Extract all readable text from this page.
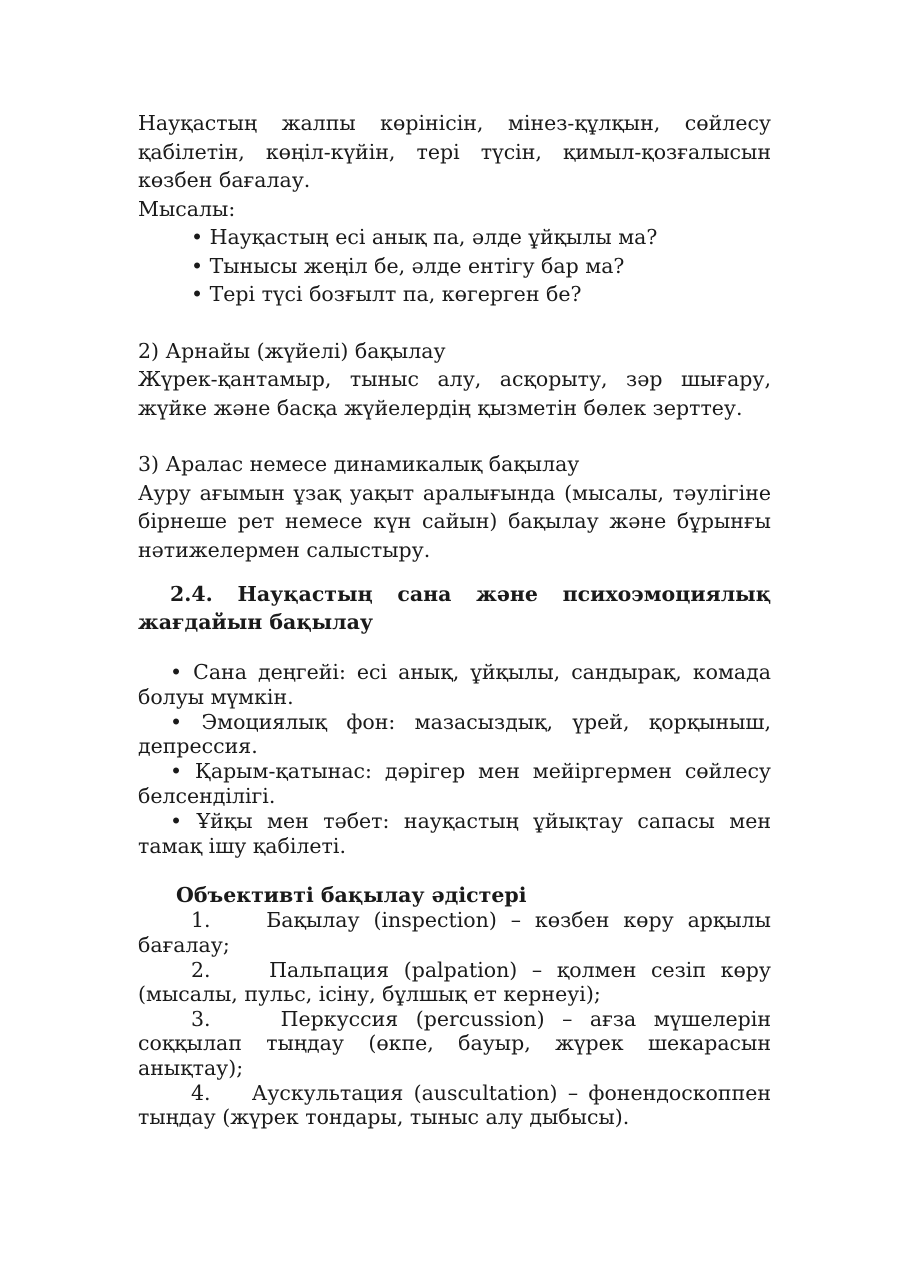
Науқастың жалпы көрінісін, мінез-құлқын, сөйлесу қабілетін, көңіл-күйін, тері түсін, қимыл-қозғалысын көзбен бағалау.

Мысалы:

• Науқастың есі анық па, әлде ұйқылы ма?

• Тынысы жеңіл бе, әлде ентігу бар ма?

• Тері түсі бозғылт па, көгерген бе?

2) Арнайы (жүйелі) бақылау

Жүрек-қантамыр, тыныс алу, асқорыту, зәр шығару, жүйке және басқа жүйелердің қызметін бөлек зерттеу.

3) Аралас немесе динамикалық бақылау

Ауру ағымын ұзақ уақыт аралығында (мысалы, тәулігіне бірнеше рет немесе күн сайын) бақылау және бұрынғы нәтижелермен салыстыру.

2.4. Науқастың сана және психоэмоциялық жағдайын бақылау

• Сана деңгейі: есі анық, ұйқылы, сандырақ, комада болуы мүмкін.

• Эмоциялық фон: мазасыздық, үрей, қорқыныш, депрессия.

• Қарым-қатынас: дәрігер мен мейіргермен сөйлесу белсенділігі.

• Ұйқы мен тәбет: науқастың ұйықтау сапасы мен тамақ ішу қабілеті.

Объективті бақылау әдістері

1.    Бақылау (inspection) – көзбен көру арқылы бағалау;

2.    Пальпация (palpation) – қолмен сезіп көру (мысалы, пульс, ісіну, бұлшық ет кернеуі);

3.    Перкуссия (percussion) – ағза мүшелерін соққылап тыңдау (өкпе, бауыр, жүрек шекарасын анықтау);

4.    Аускультация (auscultation) – фонендоскоппен тыңдау (жүрек тондары, тыныс алу дыбысы).
